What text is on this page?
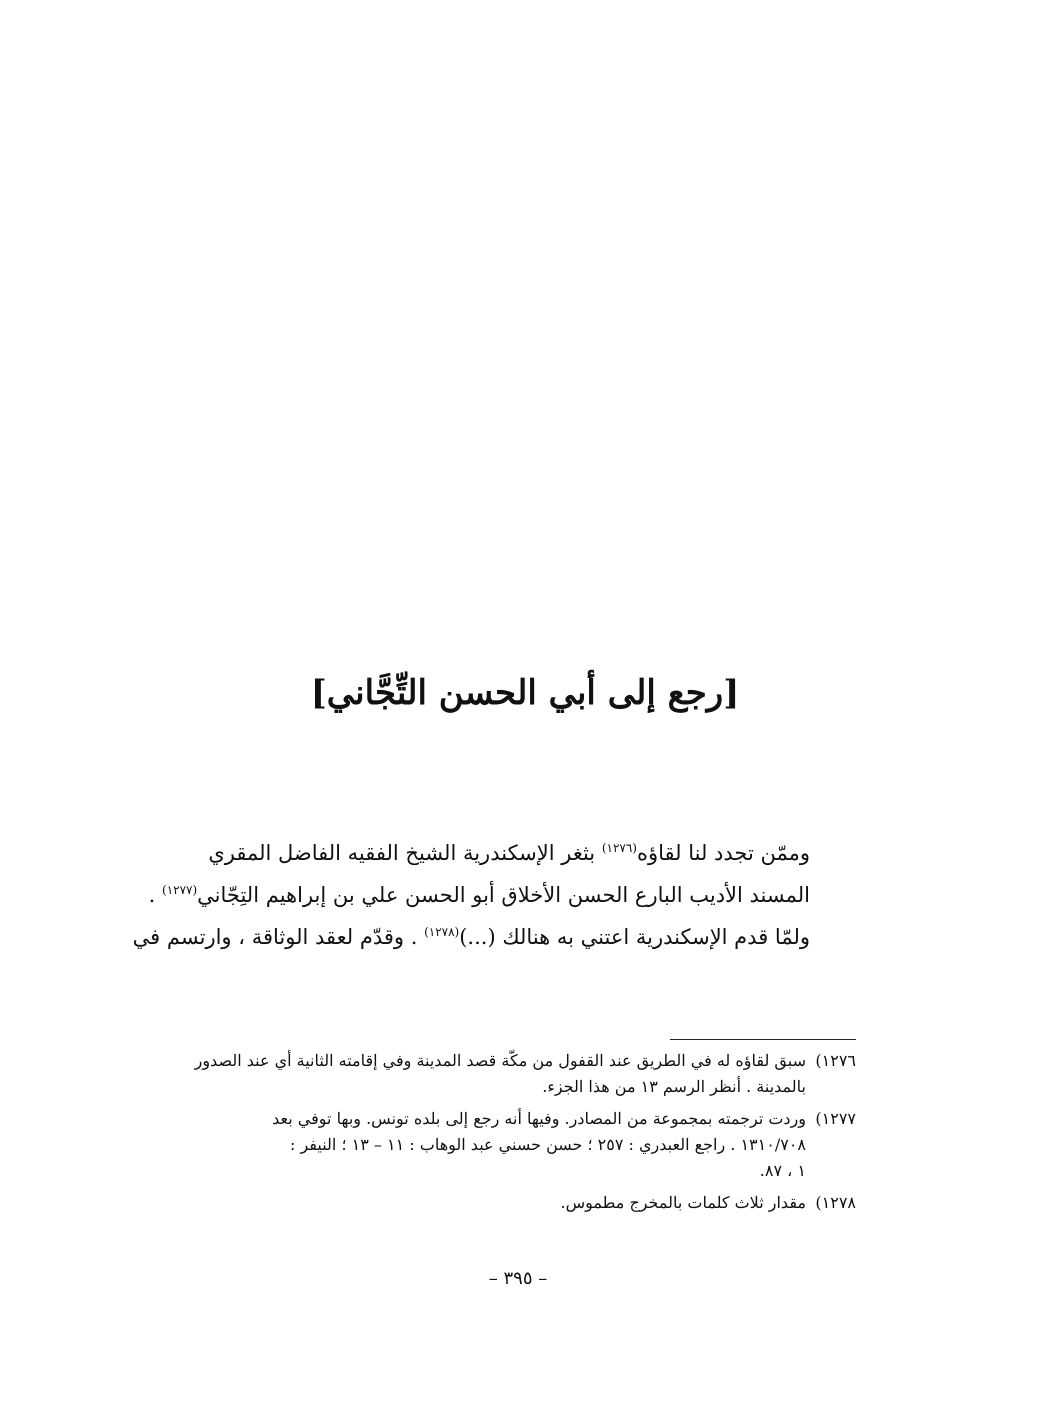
[رجع إلى أبي الحسن التِّجَّاني]
وممّن تجدد لنا لقاؤه$^{(١٢٧٦)}$ بثغر الإسكندرية الشيخ الفقيه الفاضل المقري
المسند الأديب البارع الحسن الأخلاق أبو الحسن علي بن إبراهيم التِجّاني$^{(١٢٧٧)}$ .
ولمّا قدم الإسكندرية اعتني به هنالك (...)$^{(١٢٧٨)}$ . وقدّم لعقد الوثاقة ، وارتسم في
١٢٧٦)
سبق لقاؤه له في الطريق عند القفول من مكّة قصد المدينة وفي إقامته الثانية أي عند الصدور
بالمدينة . أنظر الرسم ١٣ من هذا الجزء.
١٢٧٧)
وردت ترجمته بمجموعة من المصادر. وفيها أنه رجع إلى بلده تونس. وبها توفي بعد
١٣١٠/٧٠٨ . راجع العبدري : ٢٥٧ ؛ حسن حسني عبد الوهاب : ١١ – ١٣ ؛ النيفر :
١ ، ٨٧.
١٢٧٨)
مقدار ثلاث كلمات بالمخرج مطموس.
– ٣٩٥ –
